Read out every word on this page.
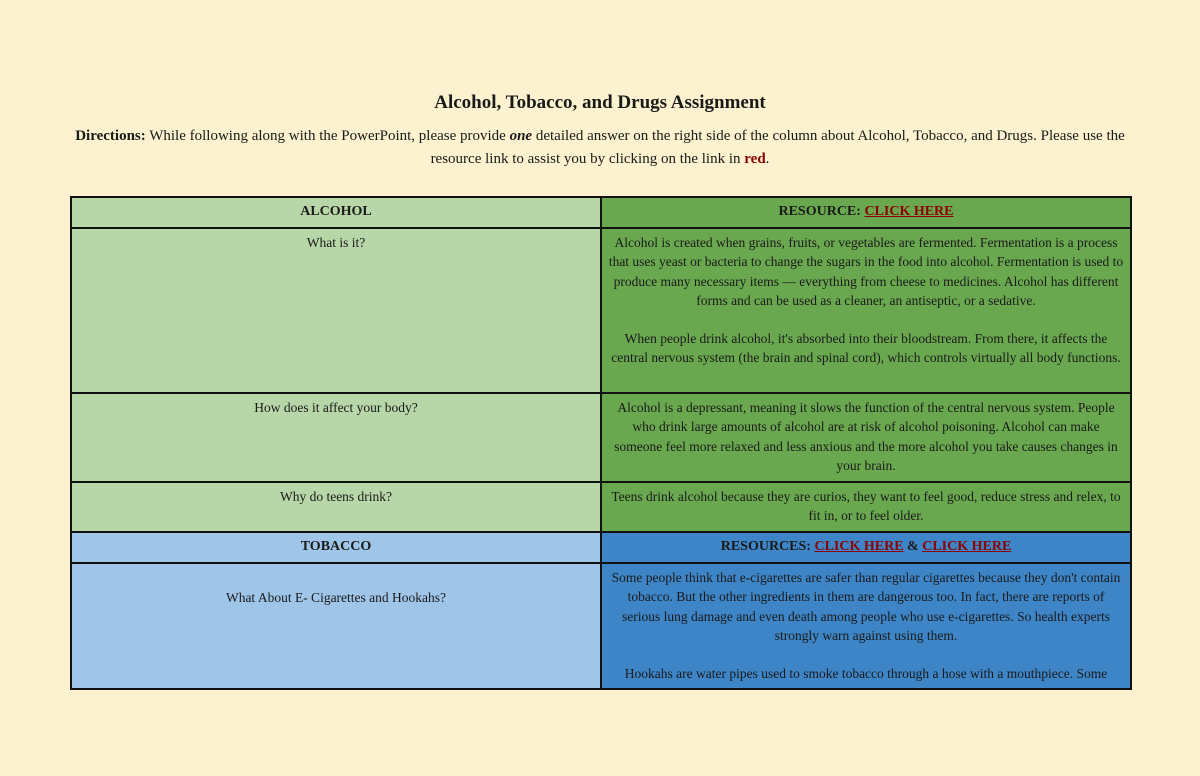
Alcohol, Tobacco, and Drugs Assignment
Directions: While following along with the PowerPoint, please provide one detailed answer on the right side of the column about Alcohol, Tobacco, and Drugs. Please use the resource link to assist you by clicking on the link in red.
ALCOHOL	RESOURCE: CLICK HERE
What is it?	Alcohol is created when grains, fruits, or vegetables are fermented. Fermentation is a process that uses yeast or bacteria to change the sugars in the food into alcohol. Fermentation is used to produce many necessary items — everything from cheese to medicines. Alcohol has different forms and can be used as a cleaner, an antiseptic, or a sedative.
When people drink alcohol, it's absorbed into their bloodstream. From there, it affects the central nervous system (the brain and spinal cord), which controls virtually all body functions.

How does it affect your body?	Alcohol is a depressant, meaning it slows the function of the central nervous system. People who drink large amounts of alcohol are at risk of alcohol poisoning. Alcohol can make someone feel more relaxed and less anxious and the more alcohol you take causes changes in your brain.
Why do teens drink?	Teens drink alcohol because they are curios, they want to feel good, reduce stress and relex, to fit in, or to feel older.
TOBACCO	RESOURCES: CLICK HERE & CLICK HERE
What About E- Cigarettes and Hookahs?	Some people think that e-cigarettes are safer than regular cigarettes because they don't contain tobacco. But the other ingredients in them are dangerous too. In fact, there are reports of serious lung damage and even death among people who use e-cigarettes. So health experts strongly warn against using them.
Hookahs are water pipes used to smoke tobacco through a hose with a mouthpiece. Some
